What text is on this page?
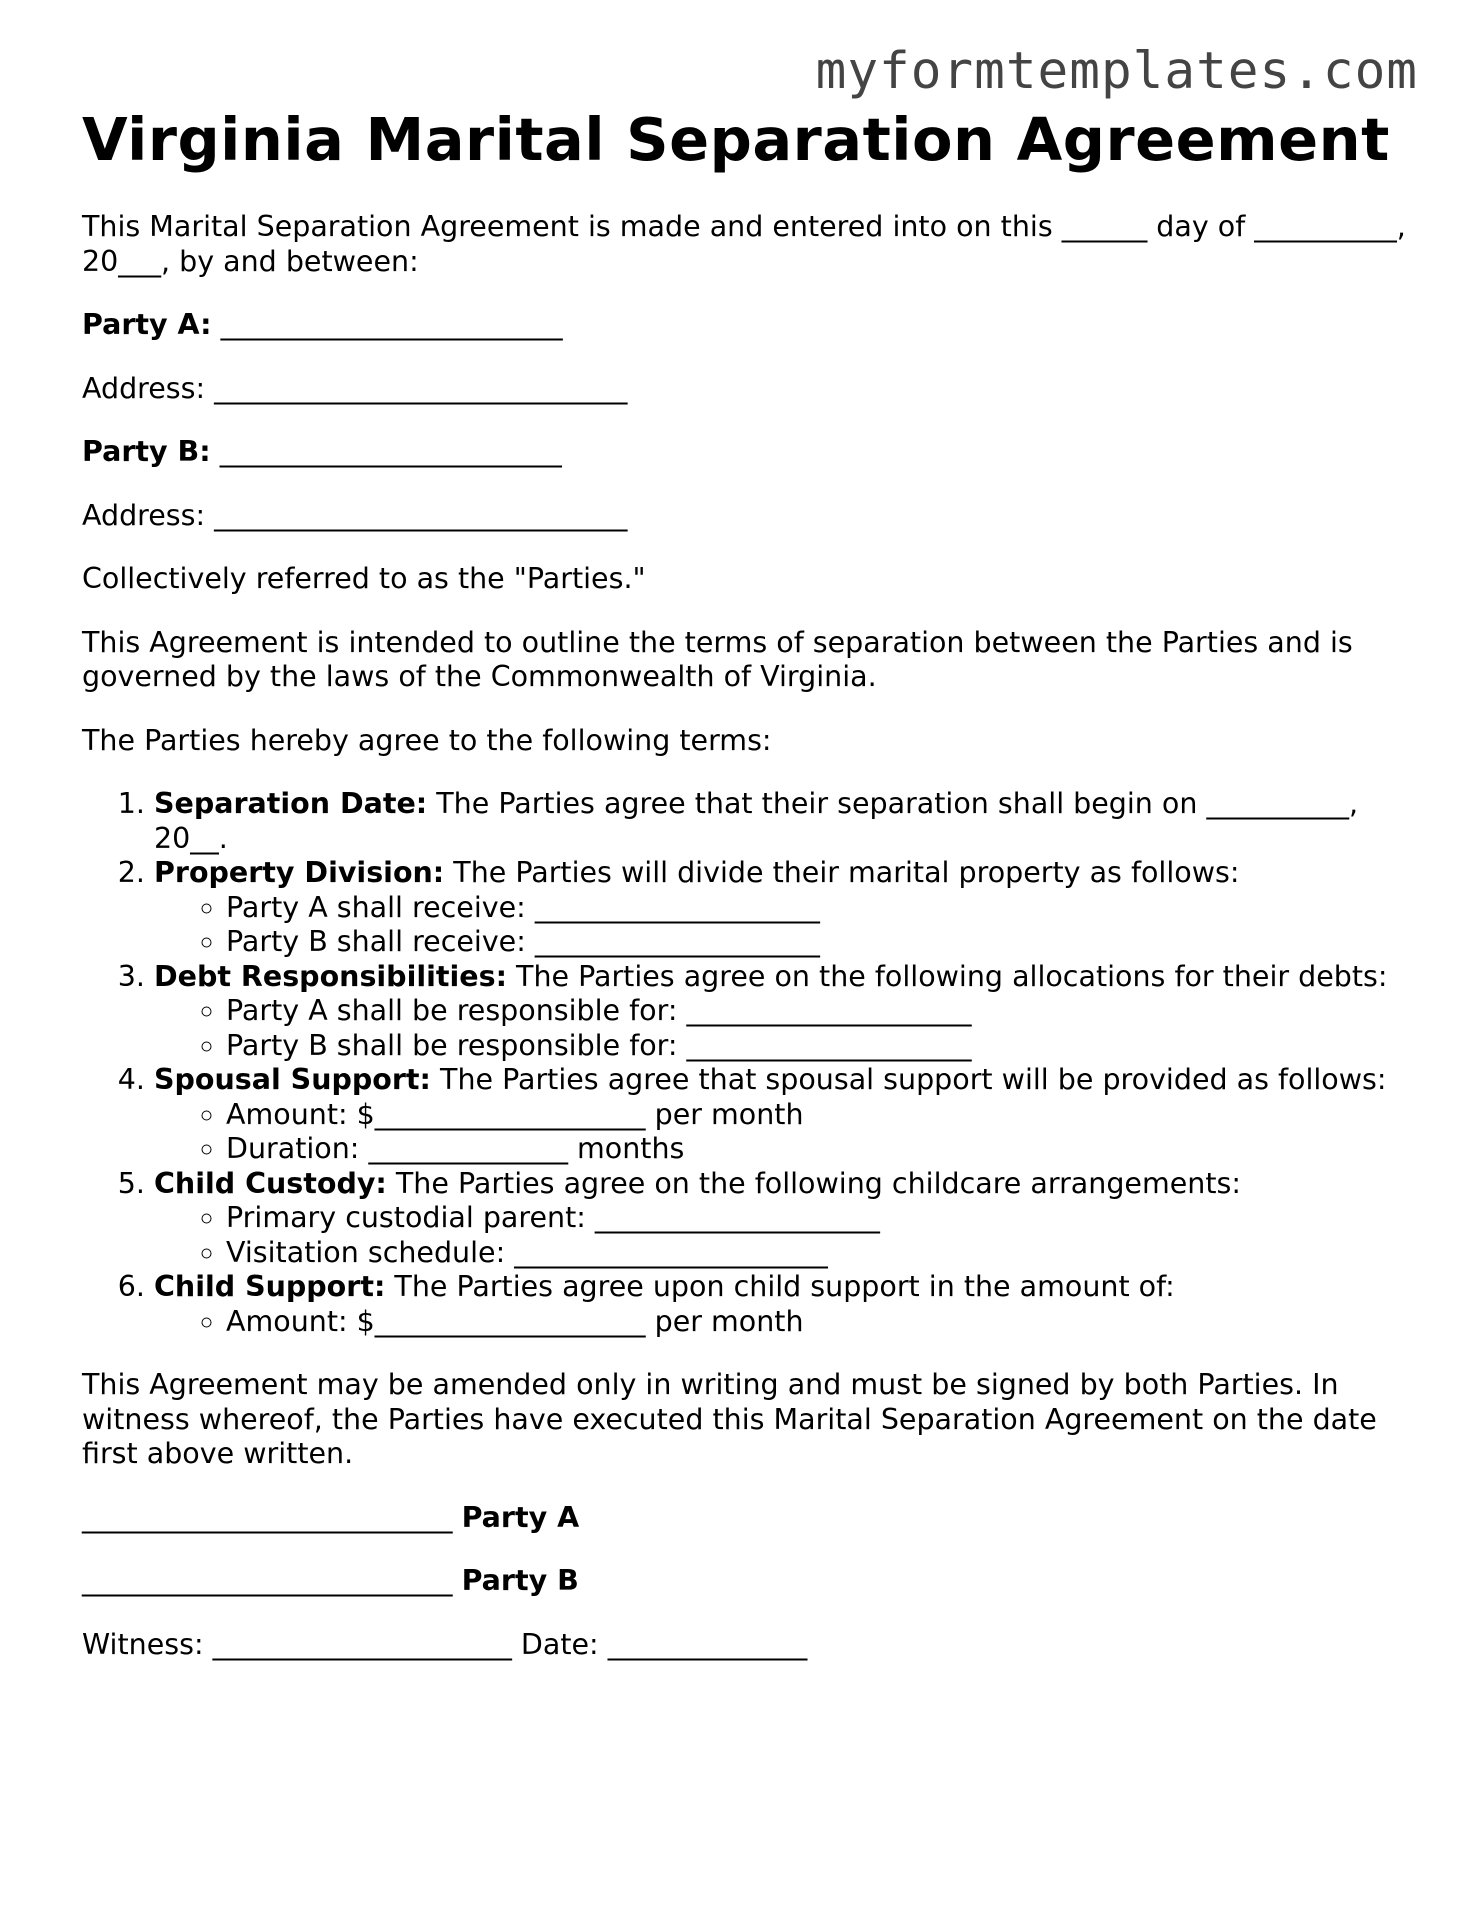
myformtemplates.com
Virginia Marital Separation Agreement

This Marital Separation Agreement is made and entered into on this ______ day of __________, 20___, by and between:

Party A: ________________________

Address: _____________________________

Party B: ________________________

Address: _____________________________

Collectively referred to as the "Parties."

This Agreement is intended to outline the terms of separation between the Parties and is governed by the laws of the Commonwealth of Virginia.

The Parties hereby agree to the following terms:

1. Separation Date: The Parties agree that their separation shall begin on __________, 20__.
2. Property Division: The Parties will divide their marital property as follows:
◦ Party A shall receive: ____________________
◦ Party B shall receive: ____________________
3. Debt Responsibilities: The Parties agree on the following allocations for their debts:
◦ Party A shall be responsible for: ____________________
◦ Party B shall be responsible for: ____________________
4. Spousal Support: The Parties agree that spousal support will be provided as follows:
◦ Amount: $___________________ per month
◦ Duration: ______________ months
5. Child Custody: The Parties agree on the following childcare arrangements:
◦ Primary custodial parent: ____________________
◦ Visitation schedule: ______________________
6. Child Support: The Parties agree upon child support in the amount of:
◦ Amount: $___________________ per month

This Agreement may be amended only in writing and must be signed by both Parties. In witness whereof, the Parties have executed this Marital Separation Agreement on the date first above written.

__________________________ Party A

__________________________ Party B

Witness: _____________________ Date: ______________
